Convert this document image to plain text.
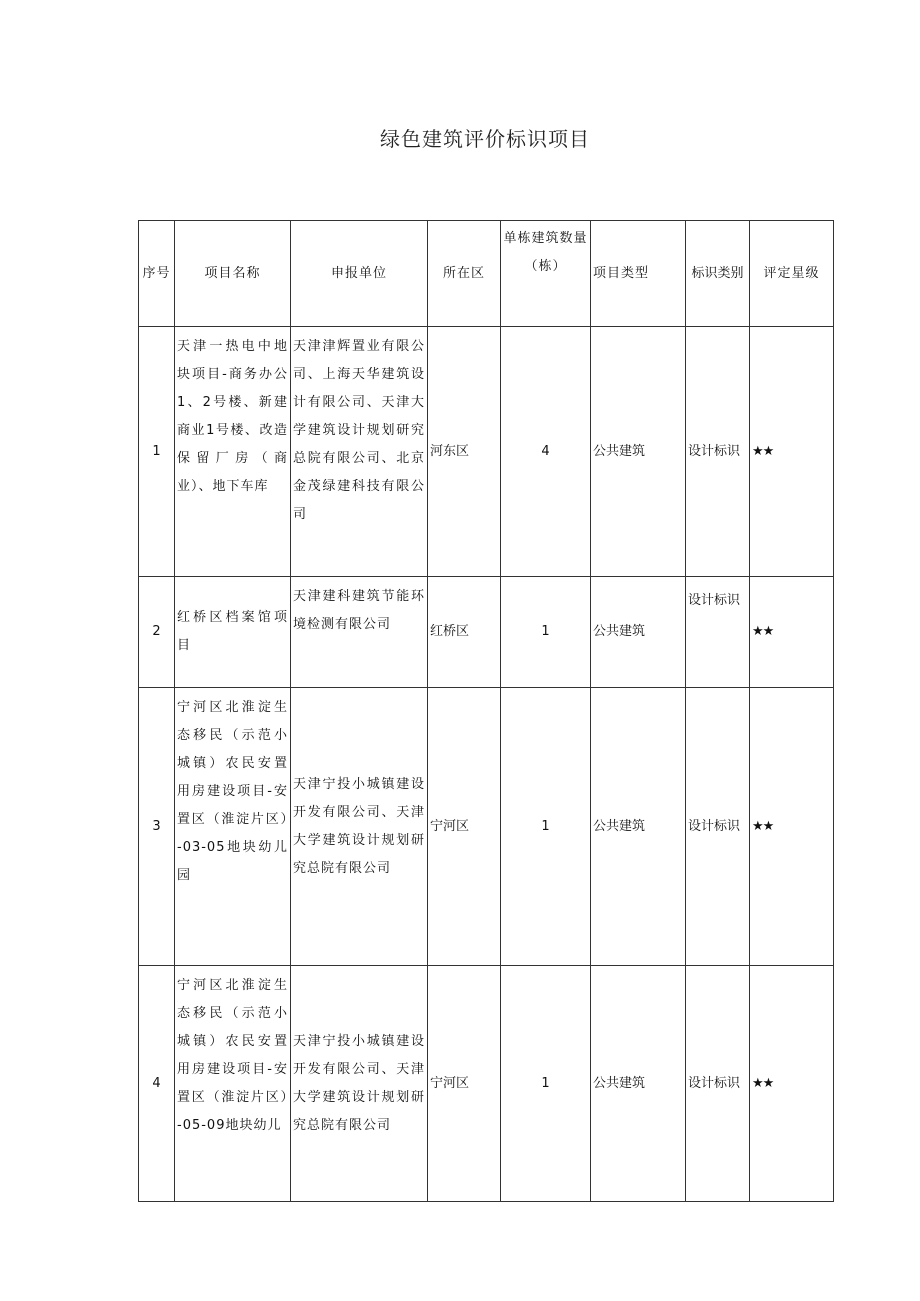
绿色建筑评价标识项目
序号	项目名称	申报单位	所在区	单栋建筑数量（栋）	项目类型	标识类别	评定星级
1	天津一热电中地块项目-商务办公1、2号楼、新建商业1号楼、改造保留厂房（商业）、地下车库	天津津辉置业有限公司、上海天华建筑设计有限公司、天津大学建筑设计规划研究总院有限公司、北京金茂绿建科技有限公司	河东区	4	公共建筑	设计标识	★★
2	红桥区档案馆项目	天津建科建筑节能环境检测有限公司	红桥区	1	公共建筑	设计标识	★★
3	宁河区北淮淀生态移民（示范小城镇）农民安置用房建设项目-安置区（淮淀片区）-03-05地块幼儿园	天津宁投小城镇建设开发有限公司、天津大学建筑设计规划研究总院有限公司	宁河区	1	公共建筑	设计标识	★★
4	宁河区北淮淀生态移民（示范小城镇）农民安置用房建设项目-安置区（淮淀片区）-05-09地块幼儿	天津宁投小城镇建设开发有限公司、天津大学建筑设计规划研究总院有限公司	宁河区	1	公共建筑	设计标识	★★
